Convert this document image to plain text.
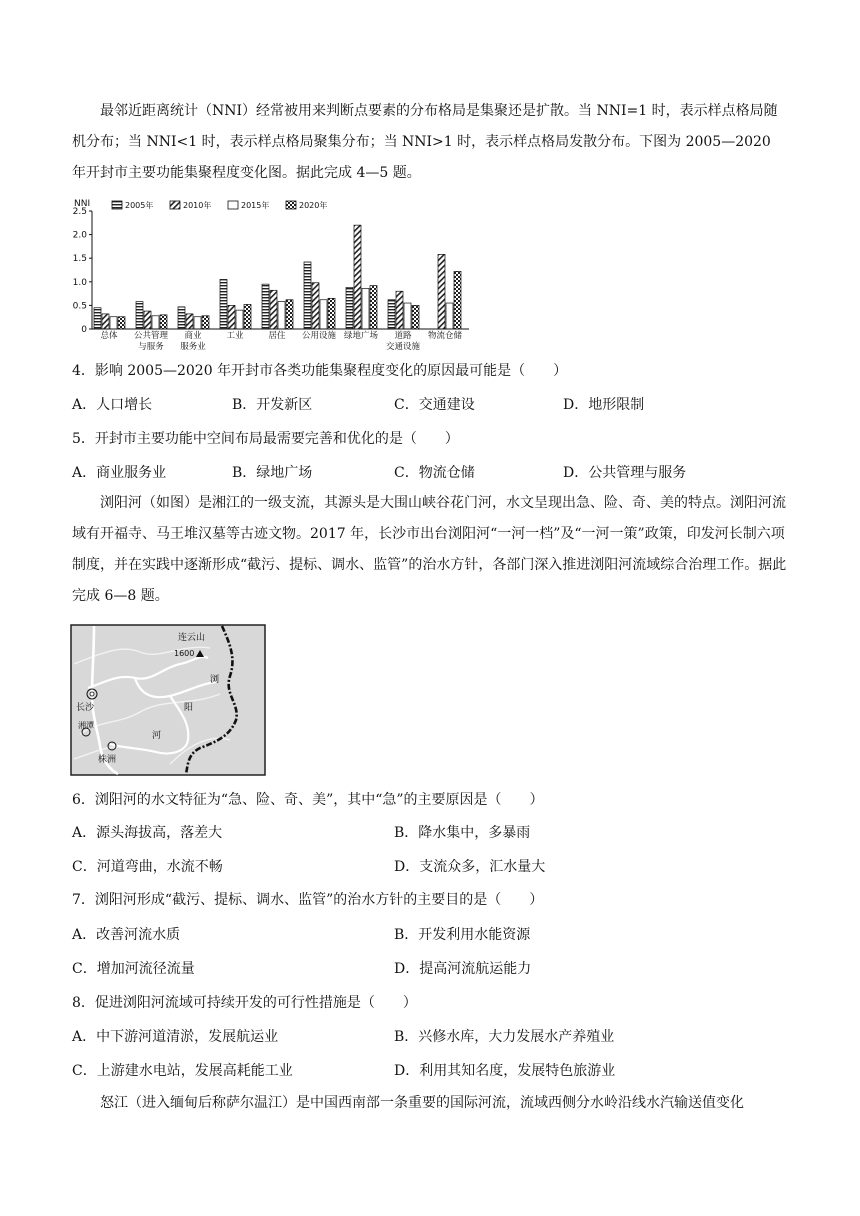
最邻近距离统计（NNI）经常被用来判断点要素的分布格局是集聚还是扩散。当 NNI=1 时，表示样点格局随机分布；当 NNI<1 时，表示样点格局聚集分布；当 NNI>1 时，表示样点格局发散分布。下图为 2005—2020 年开封市主要功能集聚程度变化图。据此完成 4—5 题。

NNI
0
0.5
1.0
1.5
2.0
2.5
2005年	2010年	2015年	2020年
总体 公共管理
与服务
商业
服务业
工业	居住 公用设施 绿地广场 道路
交通设施
物流仓储
4．影响 2005—2020 年开封市各类功能集聚程度变化的原因最可能是（　　）
A．人口增长	B．开发新区	C．交通建设	D．地形限制
5．开封市主要功能中空间布局最需要完善和优化的是（　　）
A．商业服务业	B．绿地广场	C．物流仓储	D．公共管理与服务

浏阳河（如图）是湘江的一级支流，其源头是大围山峡谷花门河，水文呈现出急、险、奇、美的特点。浏阳河流域有开福寺、马王堆汉墓等古迹文物。2017 年，长沙市出台浏阳河“一河一档”及“一河一策”政策，印发河长制六项制度，并在实践中逐渐形成“截污、提标、调水、监管”的治水方针，各部门深入推进浏阳河流域综合治理工作。据此完成 6—8 题。

连云山
1600
浏
阳
河
长沙
湘潭
株洲
6．浏阳河的水文特征为“急、险、奇、美”，其中“急”的主要原因是（　　）
A．源头海拔高，落差大	B．降水集中，多暴雨
C．河道弯曲，水流不畅	D．支流众多，汇水量大
7．浏阳河形成“截污、提标、调水、监管”的治水方针的主要目的是（　　）
A．改善河流水质	B．开发利用水能资源
C．增加河流径流量	D．提高河流航运能力
8．促进浏阳河流域可持续开发的可行性措施是（　　）
A．中下游河道清淤，发展航运业	B．兴修水库，大力发展水产养殖业
C．上游建水电站，发展高耗能工业	D．利用其知名度，发展特色旅游业

怒江（进入缅甸后称萨尔温江）是中国西南部一条重要的国际河流，流域西侧分水岭沿线水汽输送值变化
